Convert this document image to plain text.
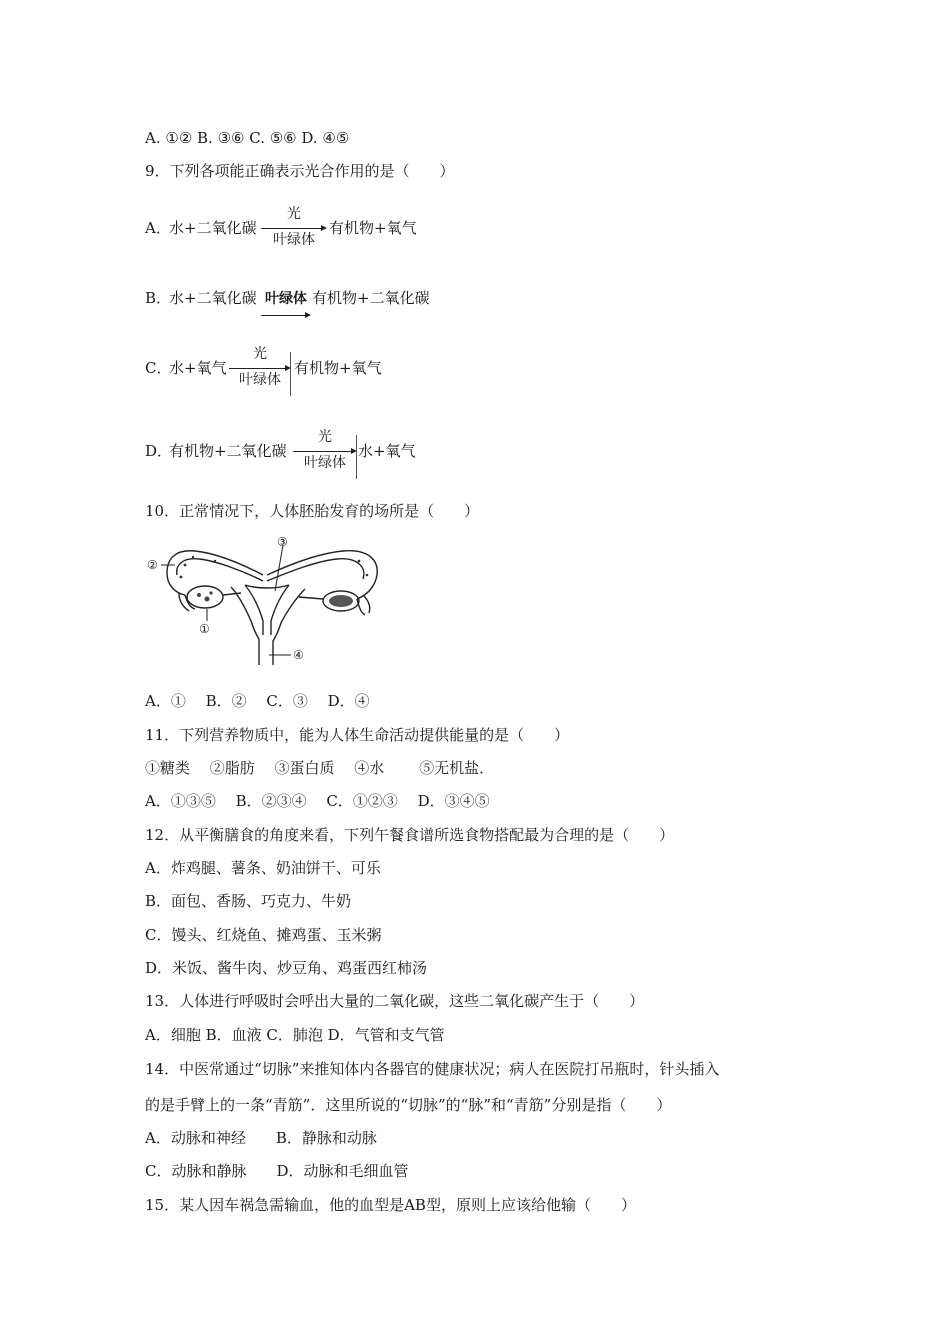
A. ①② B. ③⑥ C. ⑤⑥ D. ④⑤
9．下列各项能正确表示光合作用的是（　　）
A．
水+二氧化碳
光
叶绿体
有机物+氧气
B．
水+二氧化碳 叶绿体 有机物+二氧化碳
C．
水+氧气
光
叶绿体
有机物+氧气
D．
有机物+二氧化碳
光
叶绿体
水+氧气
10．正常情况下，人体胚胎发育的场所是（　　）
②
①
③
④
A．①　 B．②　 C．③　 D．④
11．下列营养物质中，能为人体生命活动提供能量的是（　　）
①糖类　 ②脂肪　 ③蛋白质　 ④水　　 ⑤无机盐．
A．①③⑤　 B．②③④　 C．①②③　 D．③④⑤
12．从平衡膳食的角度来看，下列午餐食谱所选食物搭配最为合理的是（　　）
A．炸鸡腿、薯条、奶油饼干、可乐
B．面包、香肠、巧克力、牛奶
C．馒头、红烧鱼、摊鸡蛋、玉米粥
D．米饭、酱牛肉、炒豆角、鸡蛋西红柿汤
13．人体进行呼吸时会呼出大量的二氧化碳，这些二氧化碳产生于（　　）
A．细胞 B．血液 C．肺泡 D．气管和支气管
14．中医常通过“切脉”来推知体内各器官的健康状况；病人在医院打吊瓶时，针头插入
的是手臂上的一条“青筋”．这里所说的“切脉”的“脉”和“青筋”分别是指（　　）
A．动脉和神经　　B．静脉和动脉
C．动脉和静脉　　D．动脉和毛细血管
15．某人因车祸急需输血，他的血型是AB型，原则上应该给他输（　　）
